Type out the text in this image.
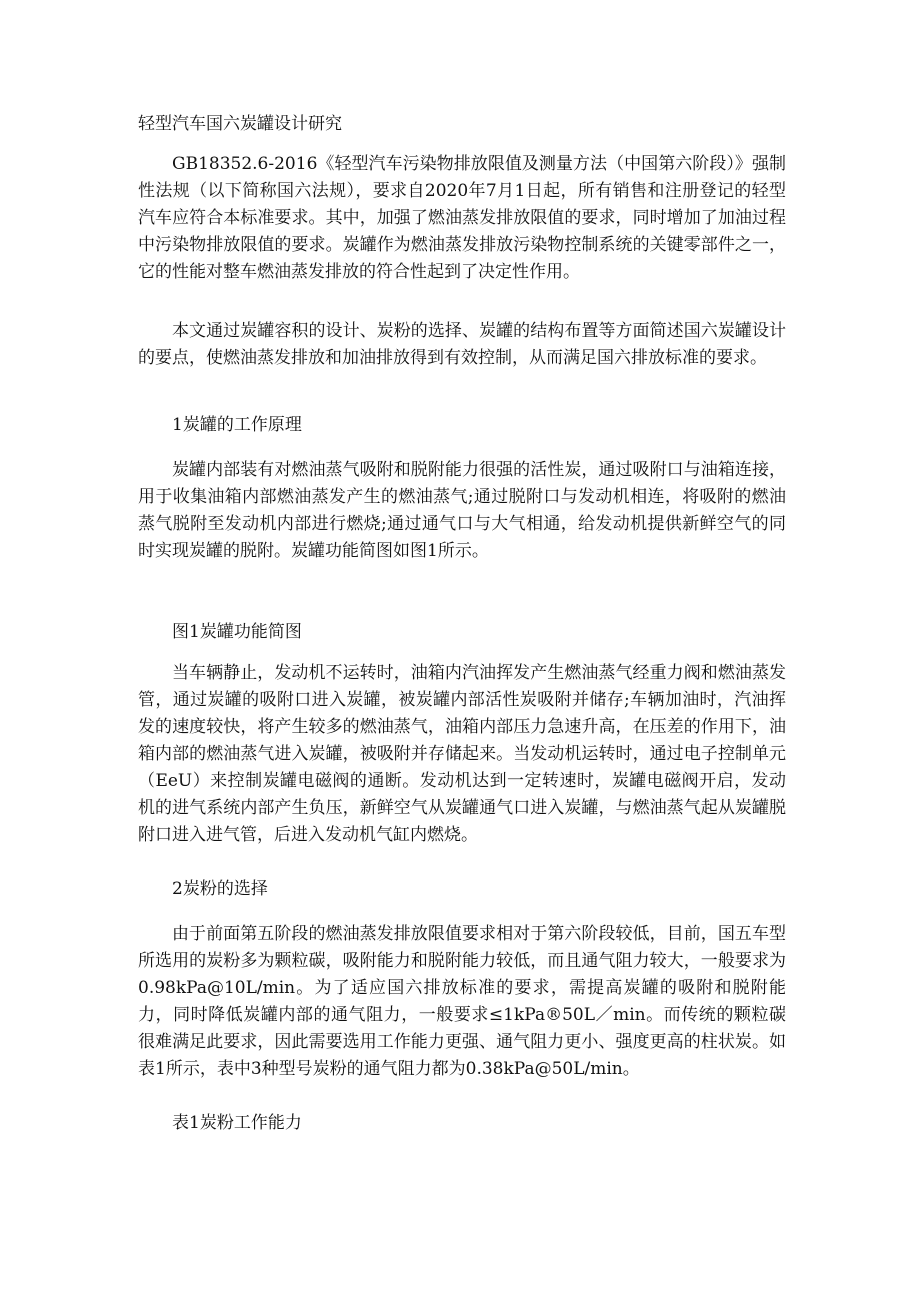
轻型汽车国六炭罐设计研究

GB18352.6-2016《轻型汽车污染物排放限值及测量方法（中国第六阶段）》强制性法规（以下简称国六法规），要求自2020年7月1日起，所有销售和注册登记的轻型汽车应符合本标准要求。其中，加强了燃油蒸发排放限值的要求，同时增加了加油过程中污染物排放限值的要求。炭罐作为燃油蒸发排放污染物控制系统的关键零部件之一，它的性能对整车燃油蒸发排放的符合性起到了决定性作用。

本文通过炭罐容积的设计、炭粉的选择、炭罐的结构布置等方面简述国六炭罐设计的要点，使燃油蒸发排放和加油排放得到有效控制，从而满足国六排放标准的要求。

1炭罐的工作原理

炭罐内部装有对燃油蒸气吸附和脱附能力很强的活性炭，通过吸附口与油箱连接，用于收集油箱内部燃油蒸发产生的燃油蒸气;通过脱附口与发动机相连，将吸附的燃油蒸气脱附至发动机内部进行燃烧;通过通气口与大气相通，给发动机提供新鲜空气的同时实现炭罐的脱附。炭罐功能简图如图1所示。

图1炭罐功能简图

当车辆静止，发动机不运转时，油箱内汽油挥发产生燃油蒸气经重力阀和燃油蒸发管，通过炭罐的吸附口进入炭罐，被炭罐内部活性炭吸附并储存;车辆加油时，汽油挥发的速度较快，将产生较多的燃油蒸气，油箱内部压力急速升高，在压差的作用下，油箱内部的燃油蒸气进入炭罐，被吸附并存储起来。当发动机运转时，通过电子控制单元（EeU）来控制炭罐电磁阀的通断。发动机达到一定转速时，炭罐电磁阀开启，发动机的进气系统内部产生负压，新鲜空气从炭罐通气口进入炭罐，与燃油蒸气起从炭罐脱附口进入进气管，后进入发动机气缸内燃烧。

2炭粉的选择

由于前面第五阶段的燃油蒸发排放限值要求相对于第六阶段较低，目前，国五车型所选用的炭粉多为颗粒碳，吸附能力和脱附能力较低，而且通气阻力较大，一般要求为0.98kPa@10L/min。为了适应国六排放标准的要求，需提高炭罐的吸附和脱附能力，同时降低炭罐内部的通气阻力，一般要求≤1kPa®50L／min。而传统的颗粒碳很难满足此要求，因此需要选用工作能力更强、通气阻力更小、强度更高的柱状炭。如表1所示，表中3种型号炭粉的通气阻力都为0.38kPa@50L/min。

表1炭粉工作能力
